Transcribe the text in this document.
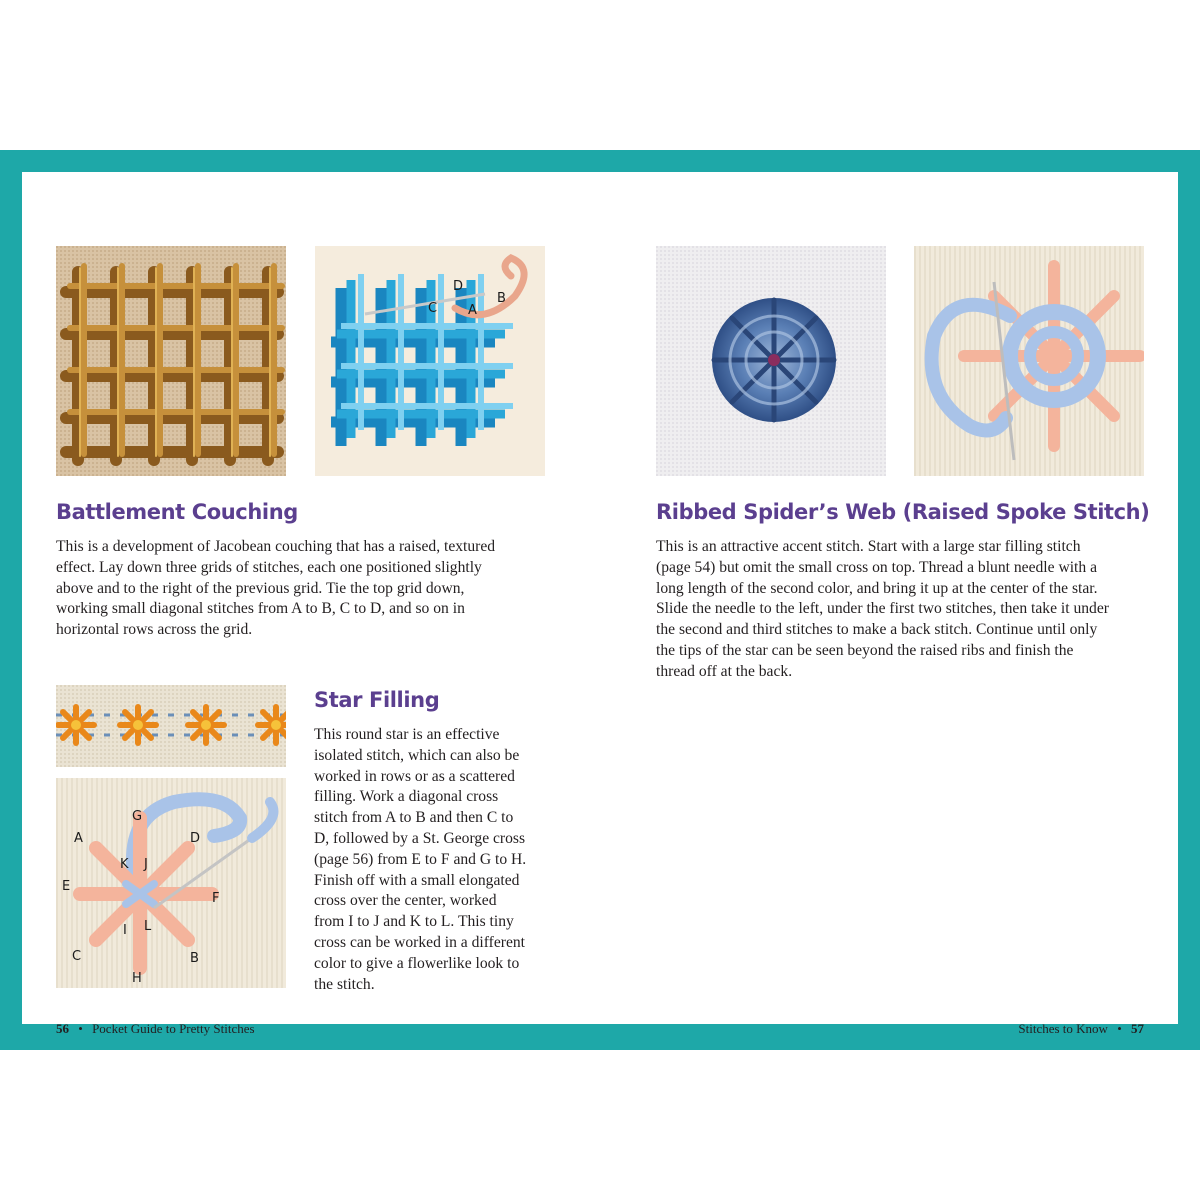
D
B
C A
Battlement Couching

This is a development of Jacobean couching that has a raised, textured
effect. Lay down three grids of stitches, each one positioned slightly
above and to the right of the previous grid. Tie the top grid down,
working small diagonal stitches from A to B, C to D, and so on in
horizontal rows across the grid.

A
G
D
K J
E
F
I L
C	B
H
Star Filling

This round star is an effective
isolated stitch, which can also be
worked in rows or as a scattered
filling. Work a diagonal cross
stitch from A to B and then C to
D, followed by a St. George cross
(page 56) from E to F and G to H.
Finish off with a small elongated
cross over the center, worked
from I to J and K to L. This tiny
cross can be worked in a different
color to give a flowerlike look to
the stitch.

Ribbed Spider’s Web (Raised Spoke Stitch)

This is an attractive accent stitch. Start with a large star filling stitch
(page 54) but omit the small cross on top. Thread a blunt needle with a
long length of the second color, and bring it up at the center of the star.
Slide the needle to the left, under the first two stitches, then take it under
the second and third stitches to make a back stitch. Continue until only
the tips of the star can be seen beyond the raised ribs and finish the
thread off at the back.

56 • Pocket Guide to Pretty Stitches	Stitches to Know • 57
